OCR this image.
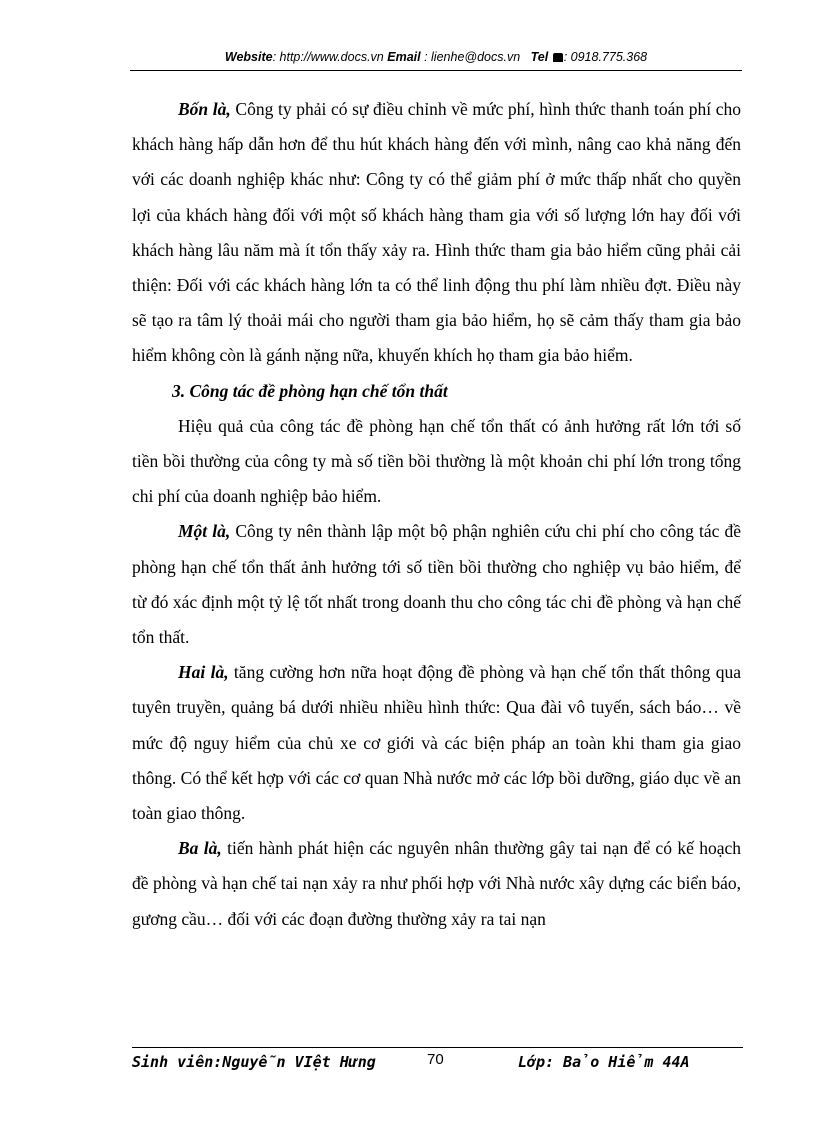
Website: http://www.docs.vn Email : lienhe@docs.vn Tel : 0918.775.368

Bốn là, Công ty phải có sự điều chỉnh về mức phí, hình thức thanh toán phí cho khách hàng hấp dẫn hơn để thu hút khách hàng đến với mình, nâng cao khả năng đến với các doanh nghiệp khác như: Công ty có thể giảm phí ở mức thấp nhất cho quyền lợi của khách hàng đối với một số khách hàng tham gia với số lượng lớn hay đối với khách hàng lâu năm mà ít tổn thấy xảy ra. Hình thức tham gia bảo hiểm cũng phải cải thiện: Đối với các khách hàng lớn ta có thể linh động thu phí làm nhiều đợt. Điều này sẽ tạo ra tâm lý thoải mái cho người tham gia bảo hiểm, họ sẽ cảm thấy tham gia bảo hiểm không còn là gánh nặng nữa, khuyến khích họ tham gia bảo hiểm.

3. Công tác đề phòng hạn chế tổn thất

Hiệu quả của công tác đề phòng hạn chế tổn thất có ảnh hưởng rất lớn tới số tiền bồi thường của công ty mà số tiền bồi thường là một khoản chi phí lớn trong tổng chi phí của doanh nghiệp bảo hiểm.

Một là, Công ty nên thành lập một bộ phận nghiên cứu chi phí cho công tác đề phòng hạn chế tổn thất ảnh hưởng tới số tiền bồi thường cho nghiệp vụ bảo hiểm, để từ đó xác định một tỷ lệ tốt nhất trong doanh thu cho công tác chi đề phòng và hạn chế tổn thất.

Hai là, tăng cường hơn nữa hoạt động đề phòng và hạn chế tổn thất thông qua tuyên truyền, quảng bá dưới nhiều nhiều hình thức: Qua đài vô tuyến, sách báo… về mức độ nguy hiểm của chủ xe cơ giới và các biện pháp an toàn khi tham gia giao thông. Có thể kết hợp với các cơ quan Nhà nước mở các lớp bồi dưỡng, giáo dục về an toàn giao thông.

Ba là, tiến hành phát hiện các nguyên nhân thường gây tai nạn để có kế hoạch đề phòng và hạn chế tai nạn xảy ra như phối hợp với Nhà nước xây dựng các biển báo, gương cầu… đối với các đoạn đường thường xảy ra tai nạn

Sinh viên:Nguyễn VIệt Hưng	70	Lớp: Bảo Hiểm 44A
